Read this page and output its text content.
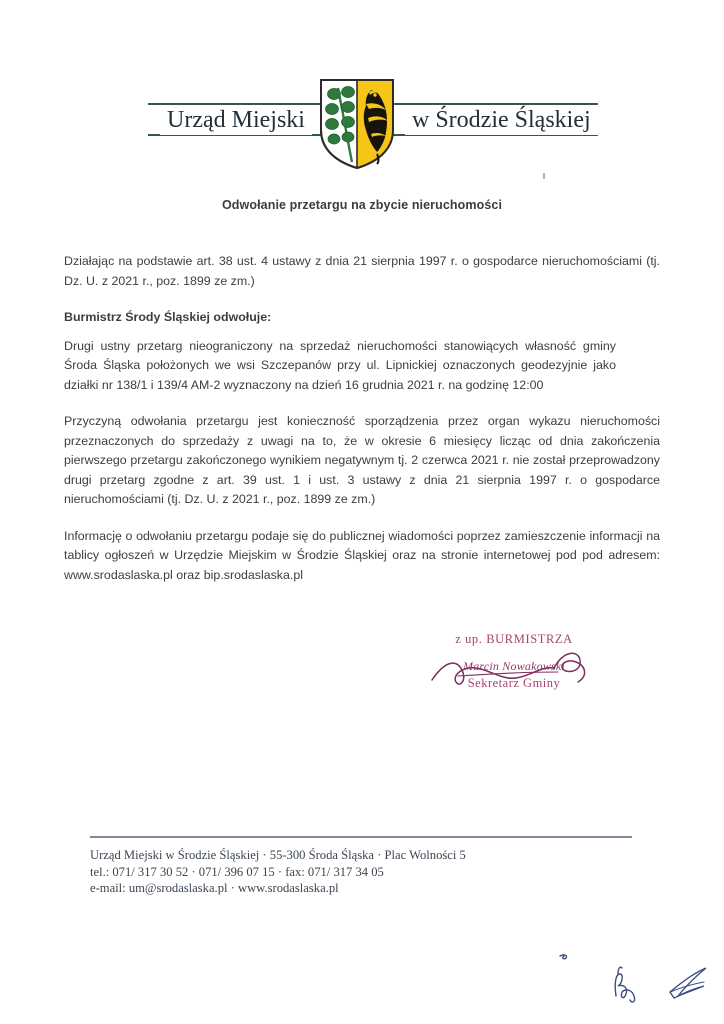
Urząd Miejski	w Środzie Śląskiej
Odwołanie przetargu na zbycie nieruchomości

Działając na podstawie art. 38 ust. 4 ustawy z dnia 21 sierpnia 1997 r. o gospodarce nieruchomościami (tj. Dz. U. z 2021 r., poz. 1899 ze zm.)

Burmistrz Środy Śląskiej odwołuje:

Drugi ustny przetarg nieograniczony na sprzedaż nieruchomości stanowiących własność gminy Środa Śląska położonych we wsi Szczepanów przy ul. Lipnickiej oznaczonych geodezyjnie jako działki nr 138/1 i 139/4 AM-2 wyznaczony na dzień 16 grudnia 2021 r. na godzinę 12:00

Przyczyną odwołania przetargu jest konieczność sporządzenia przez organ wykazu nieruchomości przeznaczonych do sprzedaży z uwagi na to, że w okresie 6 miesięcy licząc od dnia zakończenia pierwszego przetargu zakończonego wynikiem negatywnym tj. 2 czerwca 2021 r. nie został przeprowadzony drugi przetarg zgodne z art. 39 ust. 1 i ust. 3 ustawy z dnia 21 sierpnia 1997 r. o gospodarce nieruchomościami (tj. Dz. U. z 2021 r., poz. 1899 ze zm.)

Informację o odwołaniu przetargu podaje się do publicznej wiadomości poprzez zamieszczenie informacji na tablicy ogłoszeń w Urzędzie Miejskim w Środzie Śląskiej oraz na stronie internetowej pod pod adresem: www.srodaslaska.pl oraz bip.srodaslaska.pl

z up. BURMISTRZA
Marcin Nowakowski
Sekretarz Gminy
Urząd Miejski w Środzie Śląskiej · 55-300 Środa Śląska · Plac Wolności 5
tel.: 071/ 317 30 52 · 071/ 396 07 15 · fax: 071/ 317 34 05
e-mail: um@srodaslaska.pl · www.srodaslaska.pl
